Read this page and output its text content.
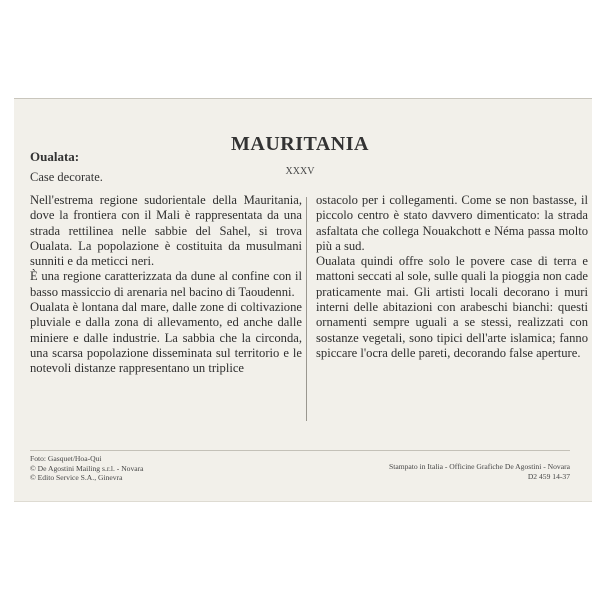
MAURITANIA
XXXV
Oualata:
Case decorate.

Nell'estrema regione sudorientale della Mauritania, dove la frontiera con il Mali è rappresentata da una strada rettilinea nelle sabbie del Sahel, si trova Oualata. La popolazione è costituita da musulmani sunniti e da meticci neri.

È una regione caratterizzata da dune al confine con il basso massiccio di arenaria nel bacino di Taoudenni.

Oualata è lontana dal mare, dalle zone di coltivazione pluviale e dalla zona di allevamento, ed anche dalle miniere e dalle industrie. La sabbia che la circonda, una scarsa popolazione disseminata sul territorio e le notevoli distanze rappresentano un triplice

ostacolo per i collegamenti. Come se non bastasse, il piccolo centro è stato davvero dimenticato: la strada asfaltata che collega Nouakchott e Néma passa molto più a sud.

Oualata quindi offre solo le povere case di terra e mattoni seccati al sole, sulle quali la pioggia non cade praticamente mai. Gli artisti locali decorano i muri interni delle abitazioni con arabeschi bianchi: questi ornamenti sempre uguali a se stessi, realizzati con sostanze vegetali, sono tipici dell'arte islamica; fanno spiccare l'ocra delle pareti, decorando false aperture.

Foto: Gasquet/Hoa-Qui
© De Agostini Mailing s.r.l. - Novara
© Edito Service S.A., Ginevra
Stampato in Italia - Officine Grafiche De Agostini - Novara
D2 459 14-37
